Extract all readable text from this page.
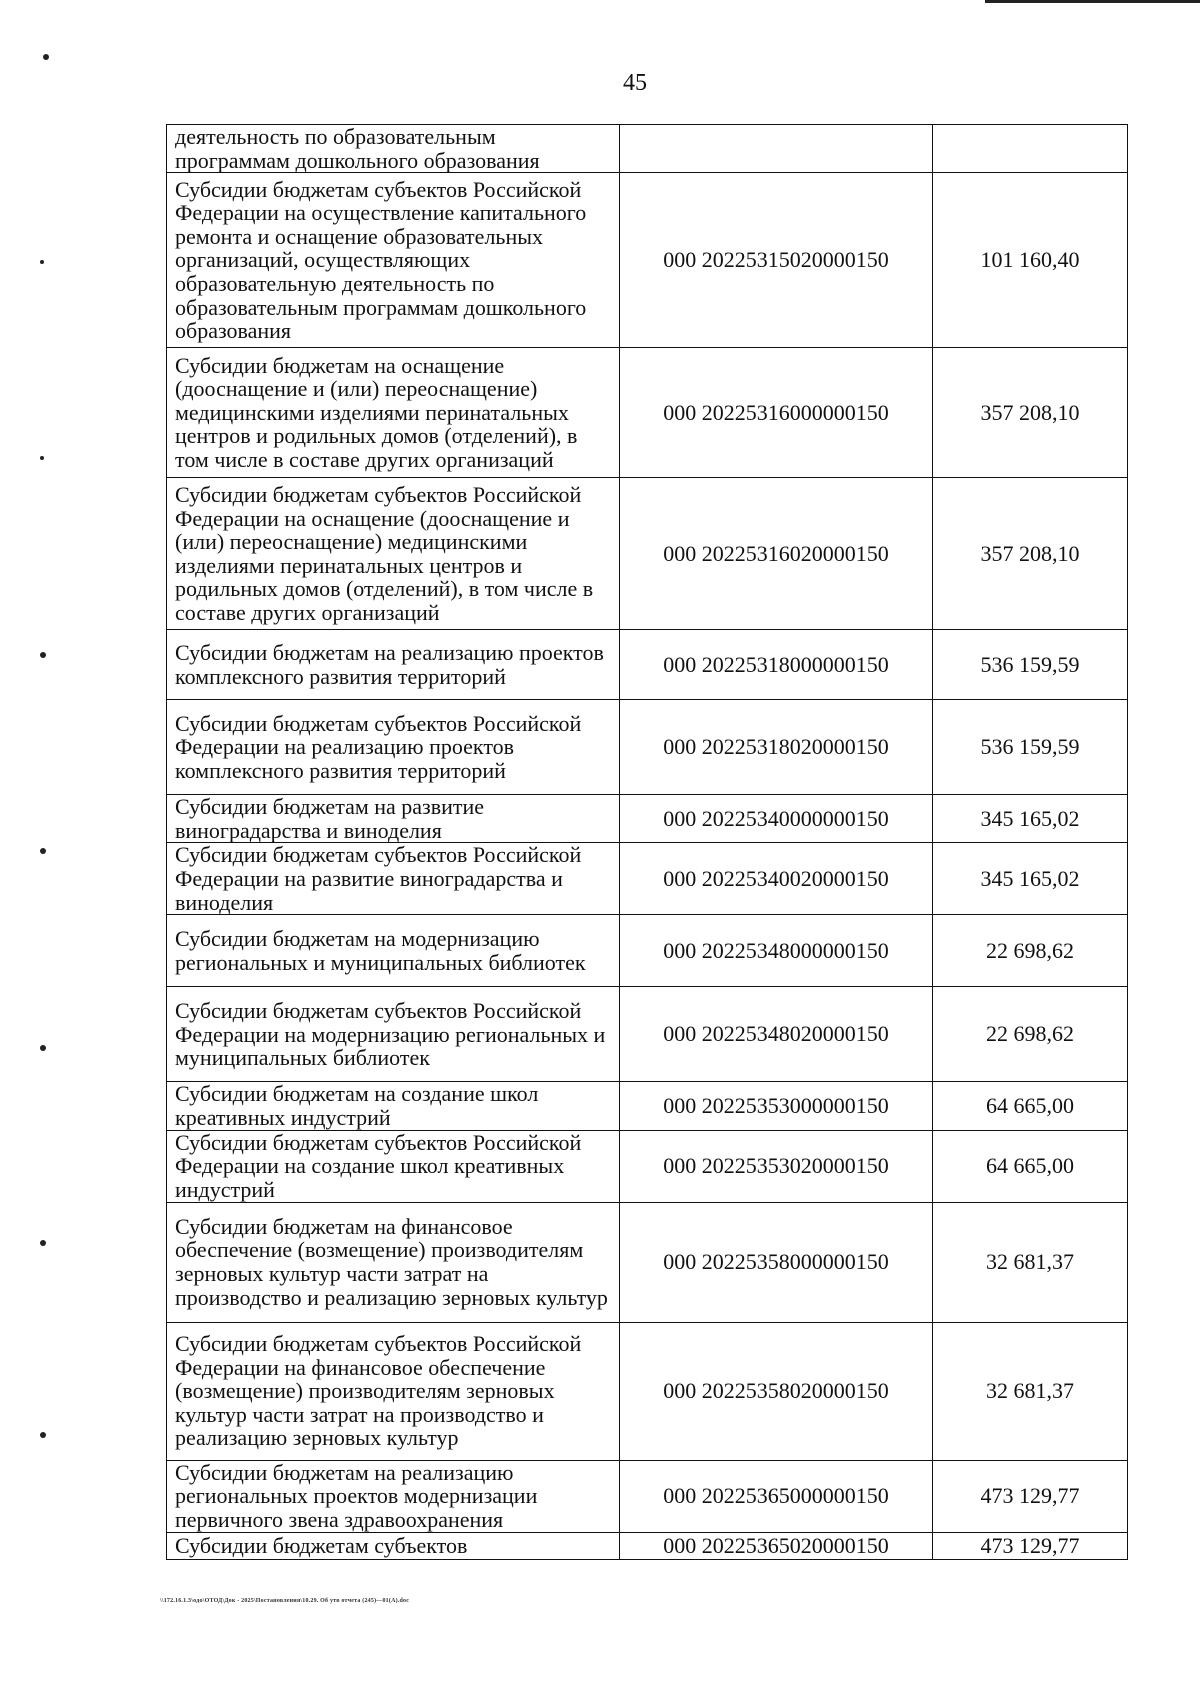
45
деятельность по образовательным программам дошкольного образования		
Субсидии бюджетам субъектов Российской Федерации на осуществление капитального ремонта и оснащение образовательных организаций, осуществляющих образовательную деятельность по образовательным программам дошкольного образования	000 20225315020000150	101 160,40
Субсидии бюджетам на оснащение (дооснащение и (или) переоснащение) медицинскими изделиями перинатальных центров и родильных домов (отделений), в том числе в составе других организаций	000 20225316000000150	357 208,10
Субсидии бюджетам субъектов Российской Федерации на оснащение (дооснащение и (или) переоснащение) медицинскими изделиями перинатальных центров и родильных домов (отделений), в том числе в составе других организаций	000 20225316020000150	357 208,10
Субсидии бюджетам на реализацию проектов комплексного развития территорий	000 20225318000000150	536 159,59
Субсидии бюджетам субъектов Российской Федерации на реализацию проектов комплексного развития территорий	000 20225318020000150	536 159,59
Субсидии бюджетам на развитие виноградарства и виноделия	000 20225340000000150	345 165,02
Субсидии бюджетам субъектов Российской Федерации на развитие виноградарства и виноделия	000 20225340020000150	345 165,02
Субсидии бюджетам на модернизацию региональных и муниципальных библиотек	000 20225348000000150	22 698,62
Субсидии бюджетам субъектов Российской Федерации на модернизацию региональных и муниципальных библиотек	000 20225348020000150	22 698,62
Субсидии бюджетам на создание школ креативных индустрий	000 20225353000000150	64 665,00
Субсидии бюджетам субъектов Российской Федерации на создание школ креативных индустрий	000 20225353020000150	64 665,00
Субсидии бюджетам на финансовое обеспечение (возмещение) производителям зерновых культур части затрат на производство и реализацию зерновых культур	000 20225358000000150	32 681,37
Субсидии бюджетам субъектов Российской Федерации на финансовое обеспечение (возмещение) производителям зерновых культур части затрат на производство и реализацию зерновых культур	000 20225358020000150	32 681,37
Субсидии бюджетам на реализацию региональных проектов модернизации первичного звена здравоохранения	000 20225365000000150	473 129,77
Субсидии бюджетам субъектов	000 20225365020000150	473 129,77
\\172.16.1.3\oдо\ОТОД\Док - 2025\Постановления\10.29. Об утв отчета (245)—01(А).doc
